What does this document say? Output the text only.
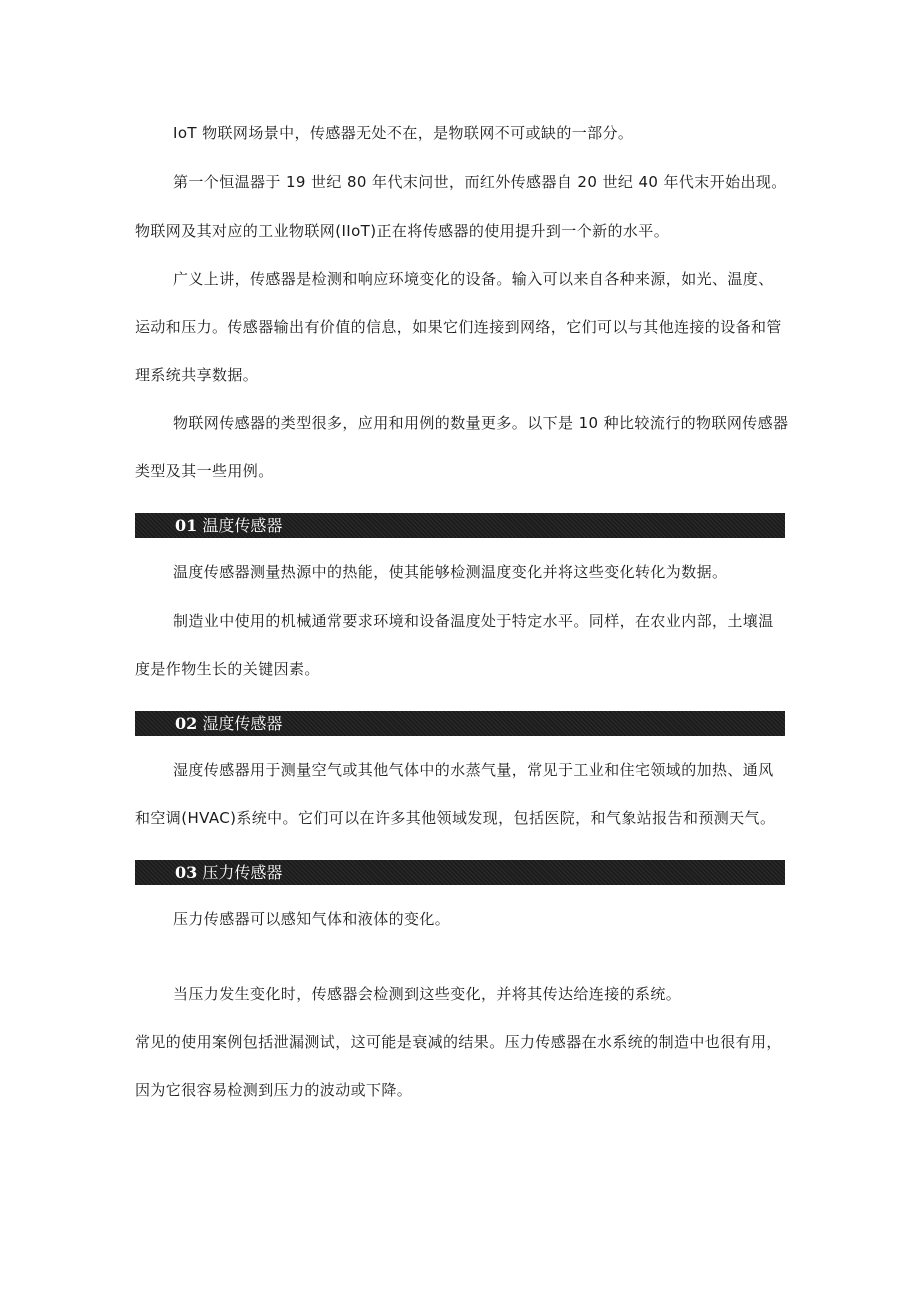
IoT 物联网场景中，传感器无处不在，是物联网不可或缺的一部分。
第一个恒温器于 19 世纪 80 年代末问世，而红外传感器自 20 世纪 40 年代末开始出现。
物联网及其对应的工业物联网(IIoT)正在将传感器的使用提升到一个新的水平。
广义上讲，传感器是检测和响应环境变化的设备。输入可以来自各种来源，如光、温度、
运动和压力。传感器输出有价值的信息，如果它们连接到网络，它们可以与其他连接的设备和管
理系统共享数据。
物联网传感器的类型很多，应用和用例的数量更多。以下是 10 种比较流行的物联网传感器
类型及其一些用例。
01 温度传感器
温度传感器测量热源中的热能，使其能够检测温度变化并将这些变化转化为数据。
制造业中使用的机械通常要求环境和设备温度处于特定水平。同样，在农业内部，土壤温
度是作物生长的关键因素。
02 湿度传感器
湿度传感器用于测量空气或其他气体中的水蒸气量，常见于工业和住宅领域的加热、通风
和空调(HVAC)系统中。它们可以在许多其他领域发现，包括医院，和气象站报告和预测天气。
03 压力传感器
压力传感器可以感知气体和液体的变化。
当压力发生变化时，传感器会检测到这些变化，并将其传达给连接的系统。
常见的使用案例包括泄漏测试，这可能是衰减的结果。压力传感器在水系统的制造中也很有用，
因为它很容易检测到压力的波动或下降。
